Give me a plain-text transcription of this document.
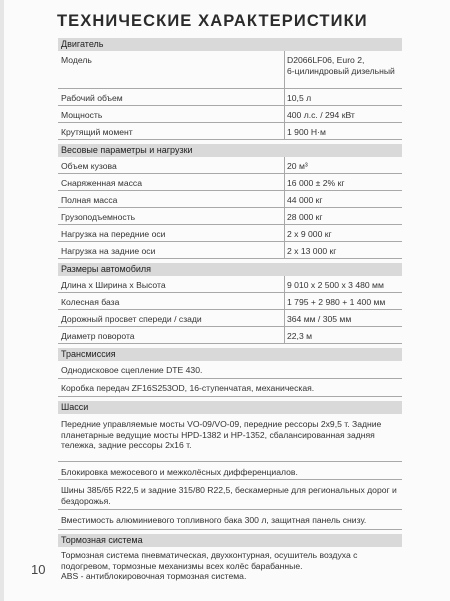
ТЕХНИЧЕСКИЕ ХАРАКТЕРИСТИКИ
Двигатель
Модель	D2066LF06, Euro 2,
6-цилиндровый дизельный
Рабочий объем	10,5 л
Мощность	400 л.с. / 294 кВт
Крутящий момент	1 900 Н·м
Весовые параметры и нагрузки
Объем кузова	20 м³
Снаряженная масса	16 000 ± 2% кг
Полная масса	44 000 кг
Грузоподъемность	28 000 кг
Нагрузка на передние оси	2 х 9 000 кг
Нагрузка на задние оси	2 х 13 000 кг
Размеры автомобиля
Длина х Ширина х Высота	9 010 х 2 500 х 3 480 мм
Колесная база	1 795 + 2 980 + 1 400 мм
Дорожный просвет спереди / сзади	364 мм / 305 мм
Диаметр поворота	22,3 м
Трансмиссия
Однодисковое сцепление DTE 430.
Коробка передач ZF16S253OD, 16-ступенчатая, механическая.
Шасси
Передние управляемые мосты VO-09/VO-09, передние рессоры 2х9,5 т. Задние планетарные ведущие мосты HPD-1382 и HP-1352, сбалансированная задняя тележка, задние рессоры 2х16 т.
Блокировка межосевого и межколёсных дифференциалов.
Шины 385/65 R22,5 и задние 315/80 R22,5, бескамерные для региональных дорог и бездорожья.
Вместимость алюминиевого топливного бака 300 л, защитная панель снизу.
Тормозная система
Тормозная система пневматическая, двухконтурная, осушитель воздуха с подогревом, тормозные механизмы всех колёс барабанные.
ABS - антиблокировочная тормозная система.
10
